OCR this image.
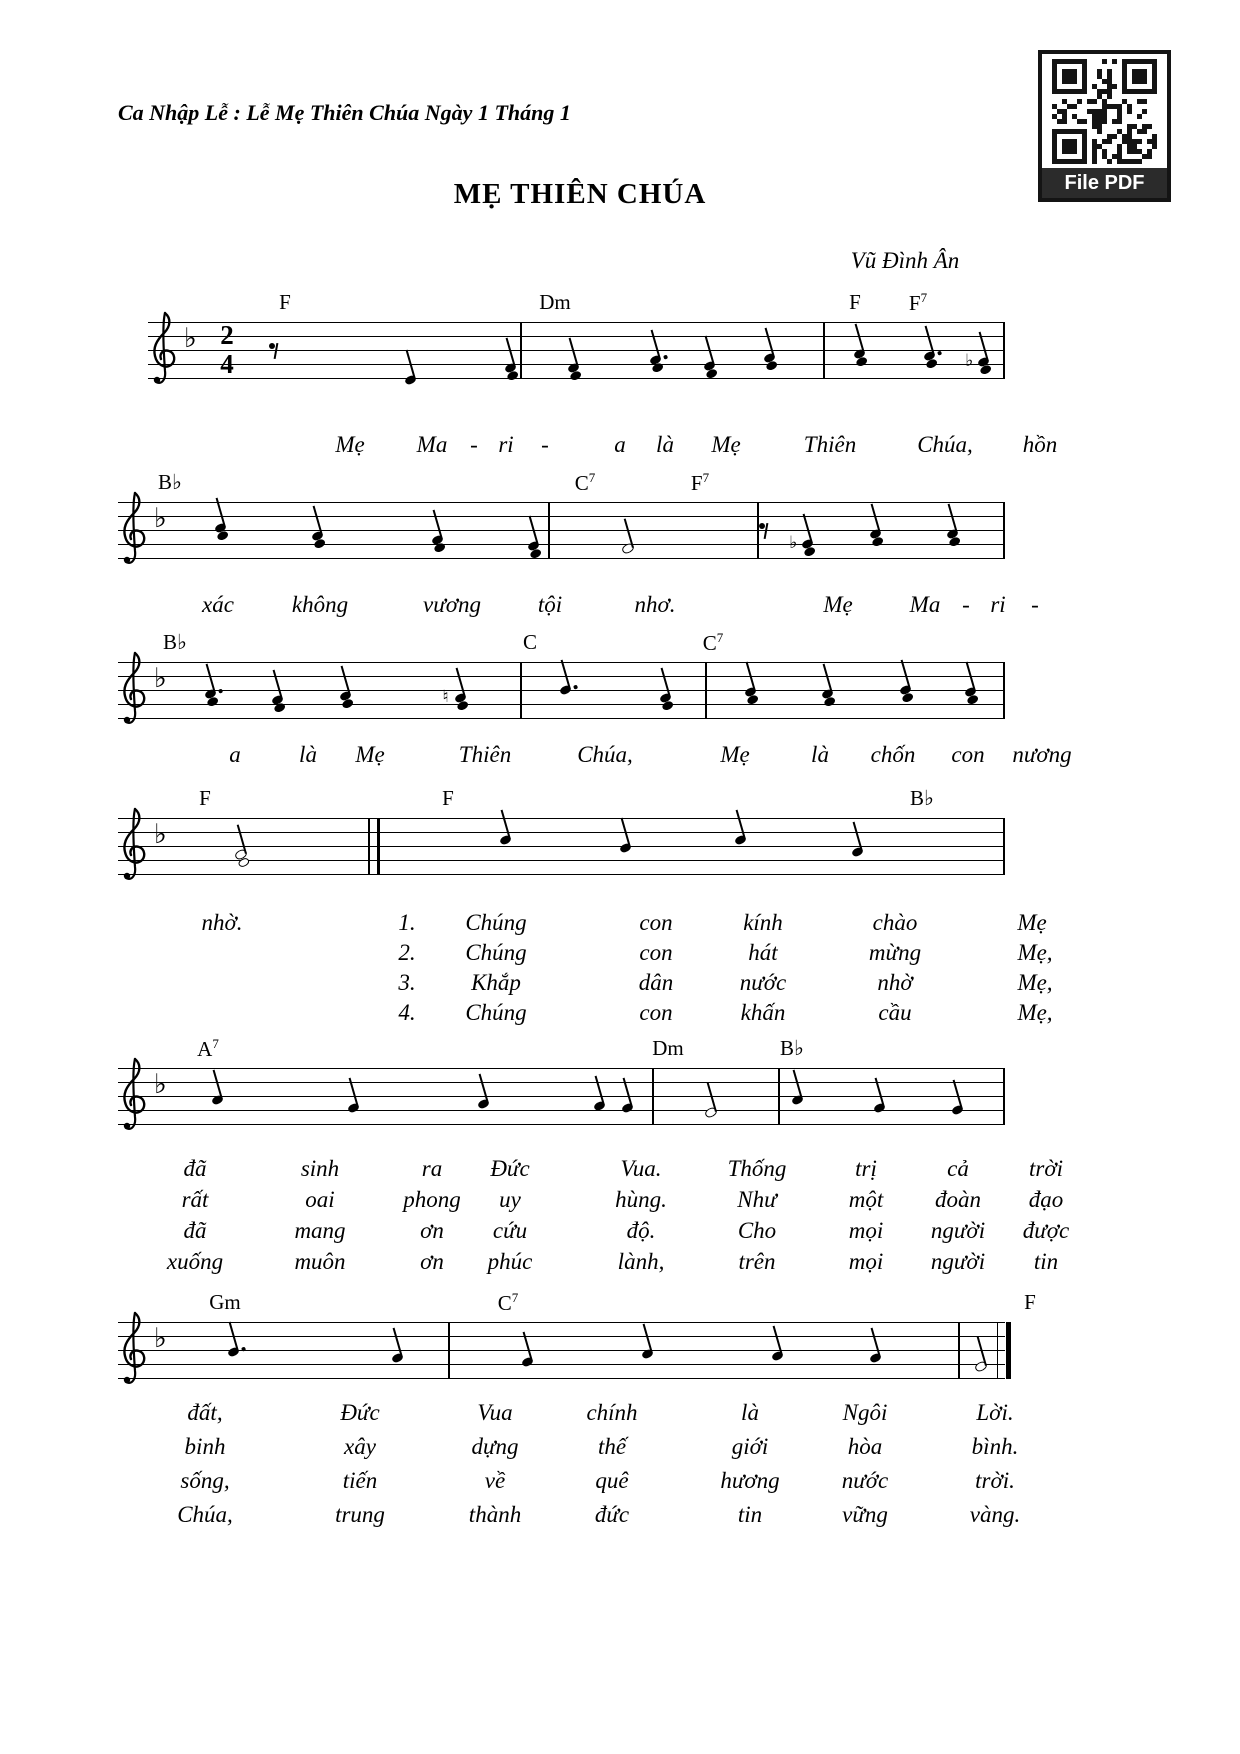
Ca Nhập Lễ : Lễ Mẹ Thiên Chúa Ngày 1 Tháng 1
File PDF
MẸ THIÊN CHÚA
Vũ Đình Ân
♭ 2
4	♭
F	Dm	F $F^7$
♭
♭
B♭	$C^7$	$F^7$
♭
♮
B♭	C	$C^7$
♭
F	F	B♭
♭
$A^7$	Dm	B♭
♭
Gm	$C^7$	F
Mẹ Ma - ri -	a là Mẹ	Thiên	Chúa, hồn
xác	không	vương tội	nhơ.	Mẹ Ma - ri -
a	là Mẹ	Thiên	Chúa,	Mẹ	là chốn con nương
nhờ.	1. Chúng	con	kính	chào	Mẹ
2. Chúng	con	hát	mừng	Mẹ,
3. Khắp	dân	nước	nhờ	Mẹ,
4. Chúng	con	khấn	cầu	Mẹ,
đã	sinh	ra Đức	Vua.	Thống	trị	cả	trời
rất	oai	phong uy	hùng.	Như	một đoàn đạo
đã	mang	ơn cứu	độ.	Cho	mọi người được
xuống	muôn	ơn phúc	lành,	trên	mọi người tin
đất,	Đức	Vua	chính	là	Ngôi	Lời.
binh	xây	dựng	thế	giới	hòa	bình.
sống,	tiến	về	quê	hương	nước	trời.
Chúa,	trung	thành	đức	tin	vững	vàng.
